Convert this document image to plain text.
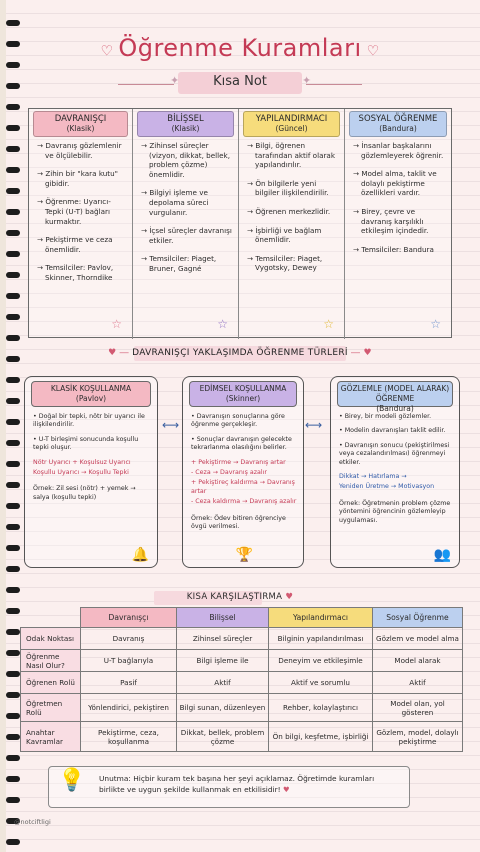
♡ Öğrenme Kuramları ♡
Kısa Not
✦	✦
DAVRANIŞÇI
(Klasik)

→ Davranış gözlemlenir ve ölçülebilir.

→ Zihin bir "kara kutu" gibidir.

→ Öğrenme: Uyarıcı-Tepki (U-T) bağları kurmaktır.

→ Pekiştirme ve ceza önemlidir.

→ Temsilciler: Pavlov, Skinner, Thorndike

☆
BİLİŞSEL
(Klasik)

→ Zihinsel süreçler (vizyon, dikkat, bellek, problem çözme) önemlidir.

→ Bilgiyi işleme ve depolama süreci vurgulanır.

→ İçsel süreçler davranışı etkiler.

→ Temsilciler: Piaget, Bruner, Gagné

☆
YAPILANDIRMACI
(Güncel)

→ Bilgi, öğrenen tarafından aktif olarak yapılandırılır.

→ Ön bilgilerle yeni bilgiler ilişkilendirilir.

→ Öğrenen merkezlidir.

→ İşbirliği ve bağlam önemlidir.

→ Temsilciler: Piaget, Vygotsky, Dewey

☆
SOSYAL ÖĞRENME
(Bandura)

→ İnsanlar başkalarını gözlemleyerek öğrenir.

→ Model alma, taklit ve dolaylı pekiştirme özellikleri vardır.

→ Birey, çevre ve davranış karşılıklı etkileşim içindedir.

→ Temsilciler: Bandura

☆
♥ ― DAVRANIŞÇI YAKLAŞIMDA ÖĞRENME TÜRLERİ ― ♥
KLASİK KOŞULLANMA
(Pavlov)

• Doğal bir tepki, nötr bir uyarıcı ile ilişkilendirilir.

• U-T birleşimi sonucunda koşullu tepki oluşur.

Nötr Uyarıcı + Koşulsuz Uyarıcı
Koşullu Uyarıcı → Koşullu Tepki

Örnek: Zil sesi (nötr) + yemek → salya (koşullu tepki)

🔔
EDİMSEL KOŞULLANMA
(Skinner)

• Davranışın sonuçlarına göre öğrenme gerçekleşir.

• Sonuçlar davranışın gelecekte tekrarlanma olasılığını belirler.

+ Pekiştirme → Davranış artar
- Ceza → Davranış azalır
+ Pekiştireç kaldırma → Davranış artar
- Ceza kaldırma → Davranış azalır

Örnek: Ödev bitiren öğrenciye övgü verilmesi.

🏆
GÖZLEMLE (MODEL ALARAK) ÖĞRENME
(Bandura)

• Birey, bir modeli gözlemler.

• Modelin davranışları taklit edilir.

• Davranışın sonucu (pekiştirilmesi veya cezalandırılması) öğrenmeyi etkiler.

Dikkat → Hatırlama →
Yeniden Üretme → Motivasyon

Örnek: Öğretmenin problem çözme yöntemini öğrencinin gözlemleyip uygulaması.

👥
⟷	⟷
KISA KARŞILAŞTIRMA ♥
	Davranışçı	Bilişsel	Yapılandırmacı	Sosyal Öğrenme
Odak Noktası	Davranış	Zihinsel süreçler	Bilginin yapılandırılması	Gözlem ve model alma
Öğrenme Nasıl Olur?	U-T bağlarıyla	Bilgi işleme ile	Deneyim ve etkileşimle	Model alarak
Öğrenen Rolü	Pasif	Aktif	Aktif ve sorumlu	Aktif
Öğretmen Rolü	Yönlendirici, pekiştiren	Bilgi sunan, düzenleyen	Rehber, kolaylaştırıcı	Model olan, yol gösteren
Anahtar Kavramlar	Pekiştirme, ceza, koşullanma	Dikkat, bellek, problem çözme	Ön bilgi, keşfetme, işbirliği	Gözlem, model, dolaylı pekiştirme
Unutma: Hiçbir kuram tek başına her şeyi açıklamaz. Öğretimde kuramları birlikte ve uygun şekilde kullanmak en etkilisidir! ♥
💡
@notciftligi
